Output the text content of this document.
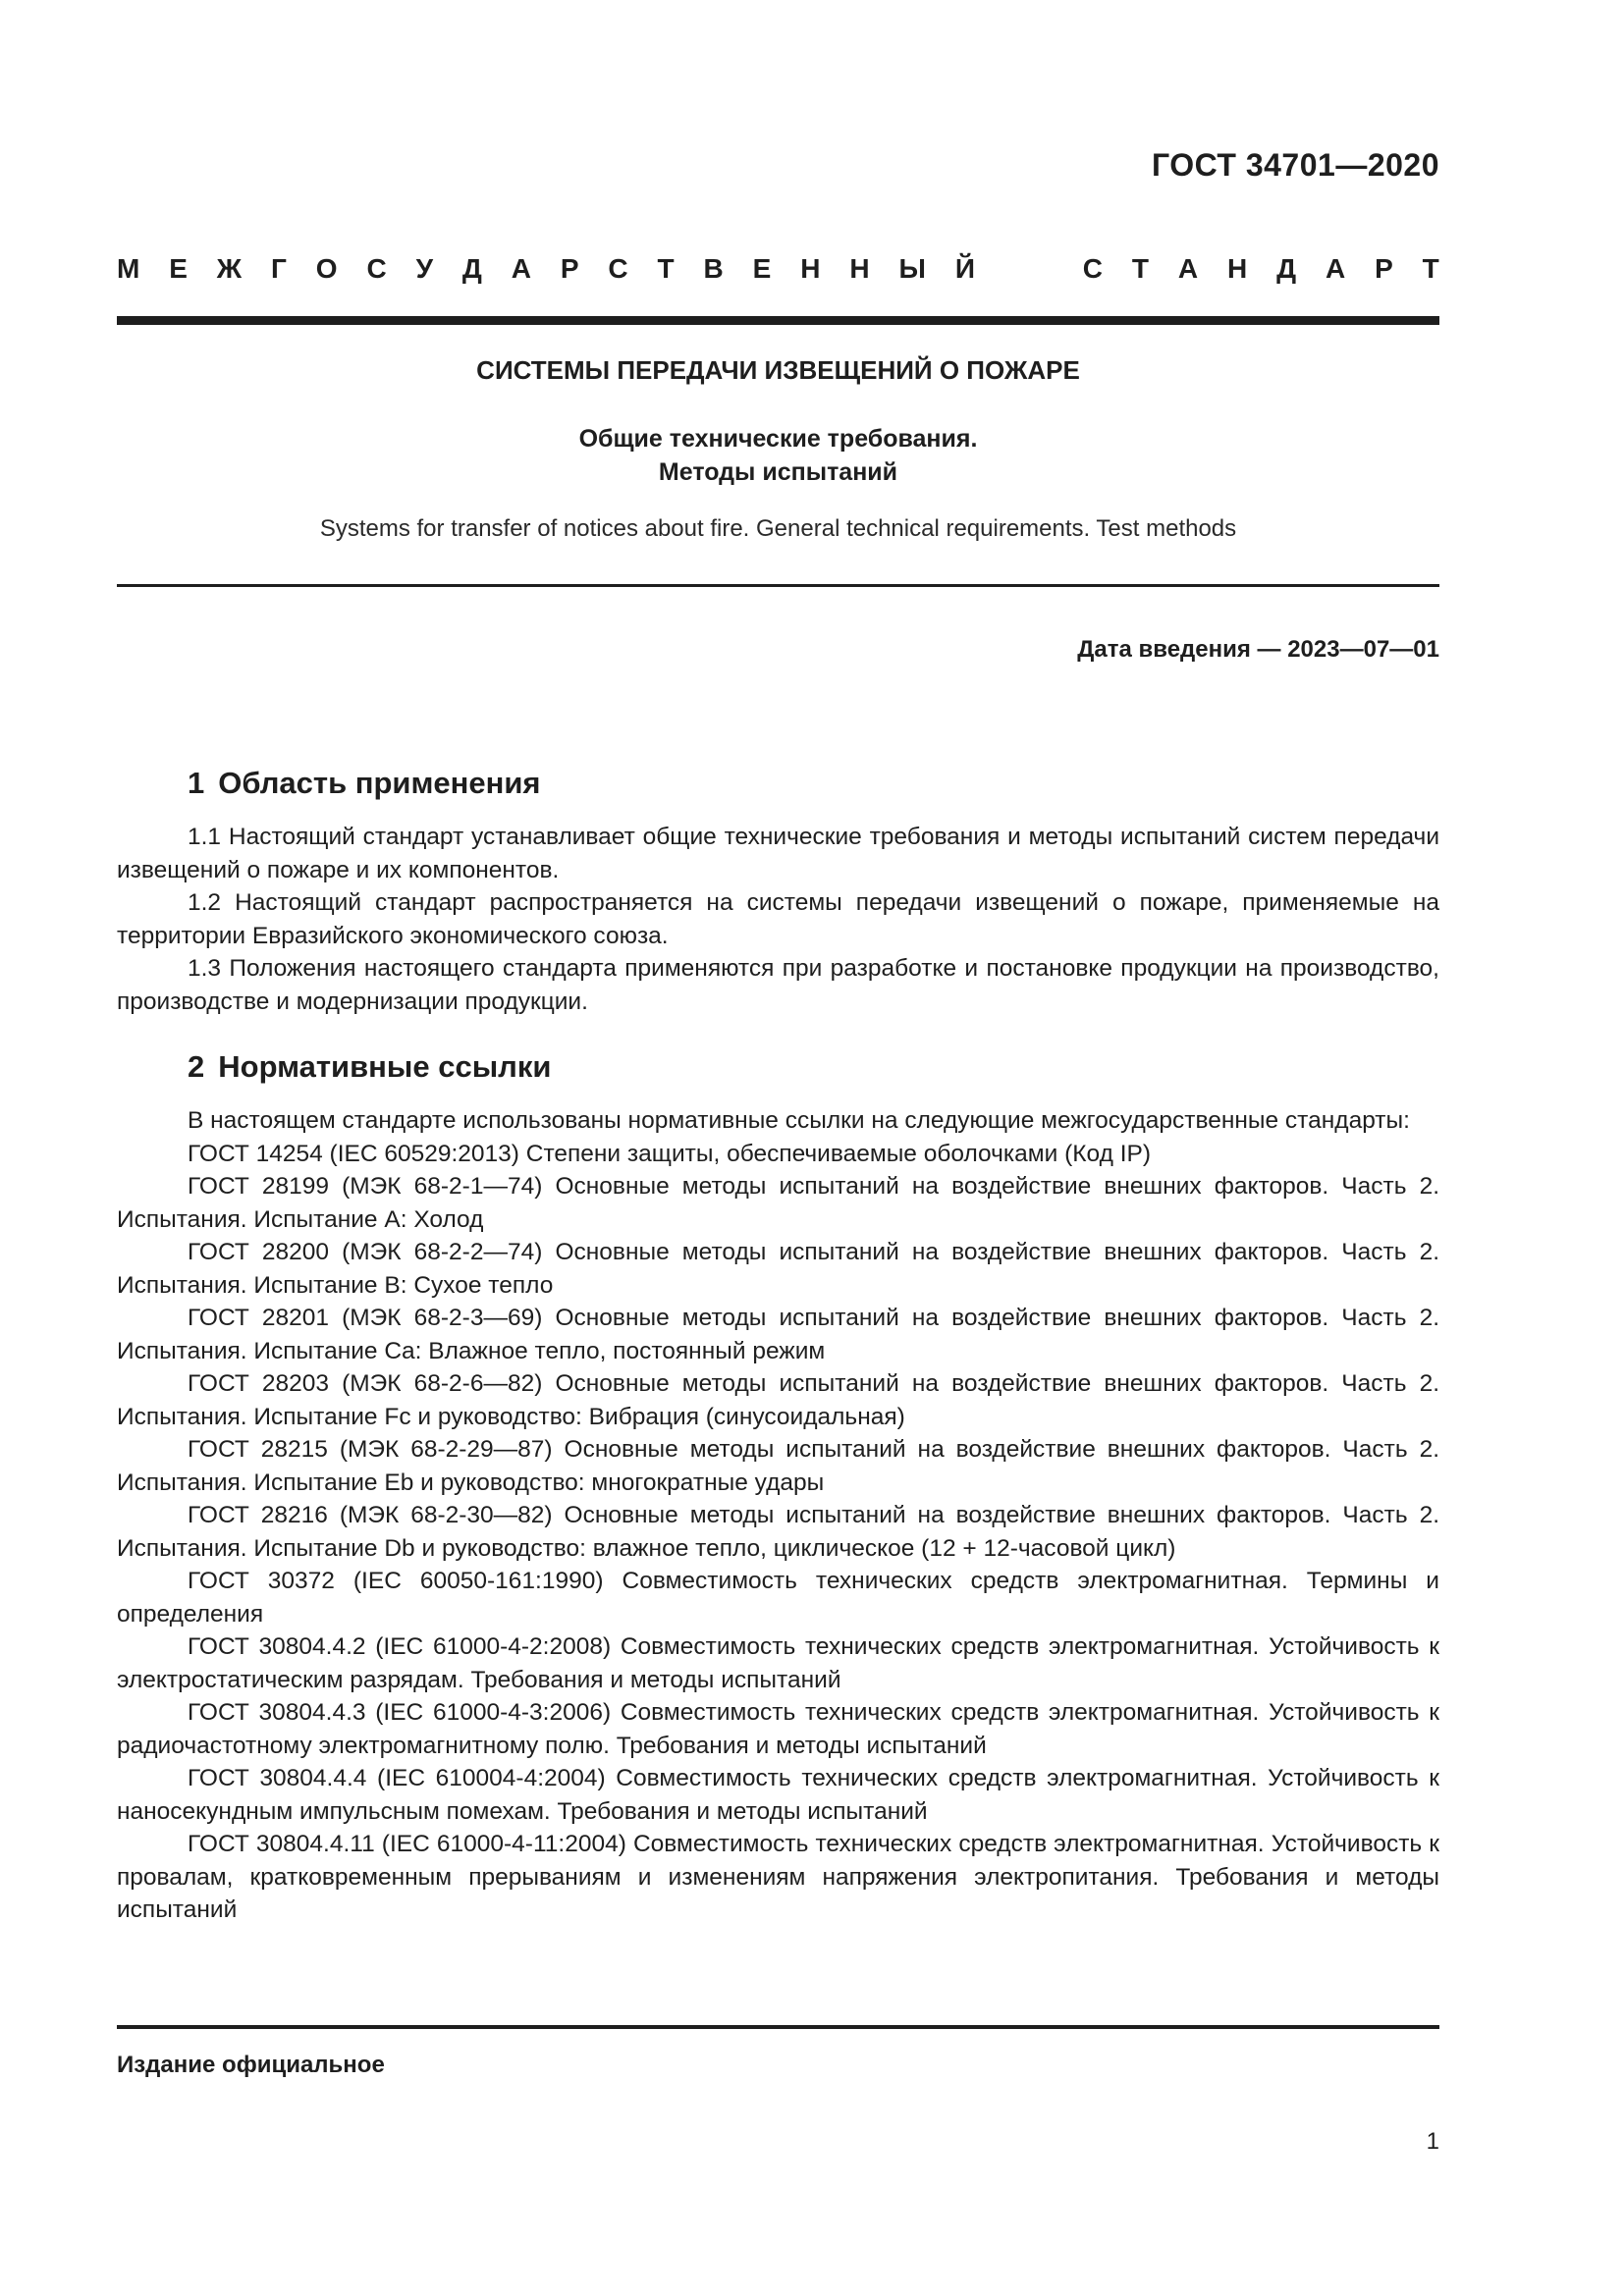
ГОСТ 34701—2020
М Е Ж Г О С У Д А Р С Т В Е Н Н Ы Й	С Т А Н Д А Р Т
СИСТЕМЫ ПЕРЕДАЧИ ИЗВЕЩЕНИЙ О ПОЖАРЕ
Общие технические требования.
Методы испытаний
Systems for transfer of notices about fire. General technical requirements. Test methods
Дата введения — 2023—07—01
1 Область применения

1.1 Настоящий стандарт устанавливает общие технические требования и методы испытаний систем передачи извещений о пожаре и их компонентов.

1.2 Настоящий стандарт распространяется на системы передачи извещений о пожаре, применяемые на территории Евразийского экономического союза.

1.3 Положения настоящего стандарта применяются при разработке и постановке продукции на производство, производстве и модернизации продукции.

2 Нормативные ссылки

В настоящем стандарте использованы нормативные ссылки на следующие межгосударственные стандарты:

ГОСТ 14254 (IEC 60529:2013) Степени защиты, обеспечиваемые оболочками (Код IP)

ГОСТ 28199 (МЭК 68-2-1—74) Основные методы испытаний на воздействие внешних факторов. Часть 2. Испытания. Испытание A: Холод

ГОСТ 28200 (МЭК 68-2-2—74) Основные методы испытаний на воздействие внешних факторов. Часть 2. Испытания. Испытание B: Сухое тепло

ГОСТ 28201 (МЭК 68-2-3—69) Основные методы испытаний на воздействие внешних факторов. Часть 2. Испытания. Испытание Ca: Влажное тепло, постоянный режим

ГОСТ 28203 (МЭК 68-2-6—82) Основные методы испытаний на воздействие внешних факторов. Часть 2. Испытания. Испытание Fc и руководство: Вибрация (синусоидальная)

ГОСТ 28215 (МЭК 68-2-29—87) Основные методы испытаний на воздействие внешних факторов. Часть 2. Испытания. Испытание Eb и руководство: многократные удары

ГОСТ 28216 (МЭК 68-2-30—82) Основные методы испытаний на воздействие внешних факторов. Часть 2. Испытания. Испытание Db и руководство: влажное тепло, циклическое (12 + 12-часовой цикл)

ГОСТ 30372 (IEC 60050-161:1990) Совместимость технических средств электромагнитная. Термины и определения

ГОСТ 30804.4.2 (IEC 61000-4-2:2008) Совместимость технических средств электромагнитная. Устойчивость к электростатическим разрядам. Требования и методы испытаний

ГОСТ 30804.4.3 (IEC 61000-4-3:2006) Совместимость технических средств электромагнитная. Устойчивость к радиочастотному электромагнитному полю. Требования и методы испытаний

ГОСТ 30804.4.4 (IEC 610004-4:2004) Совместимость технических средств электромагнитная. Устойчивость к наносекундным импульсным помехам. Требования и методы испытаний

ГОСТ 30804.4.11 (IEC 61000-4-11:2004) Совместимость технических средств электромагнитная. Устойчивость к провалам, кратковременным прерываниям и изменениям напряжения электропитания. Требования и методы испытаний

Издание официальное
1
